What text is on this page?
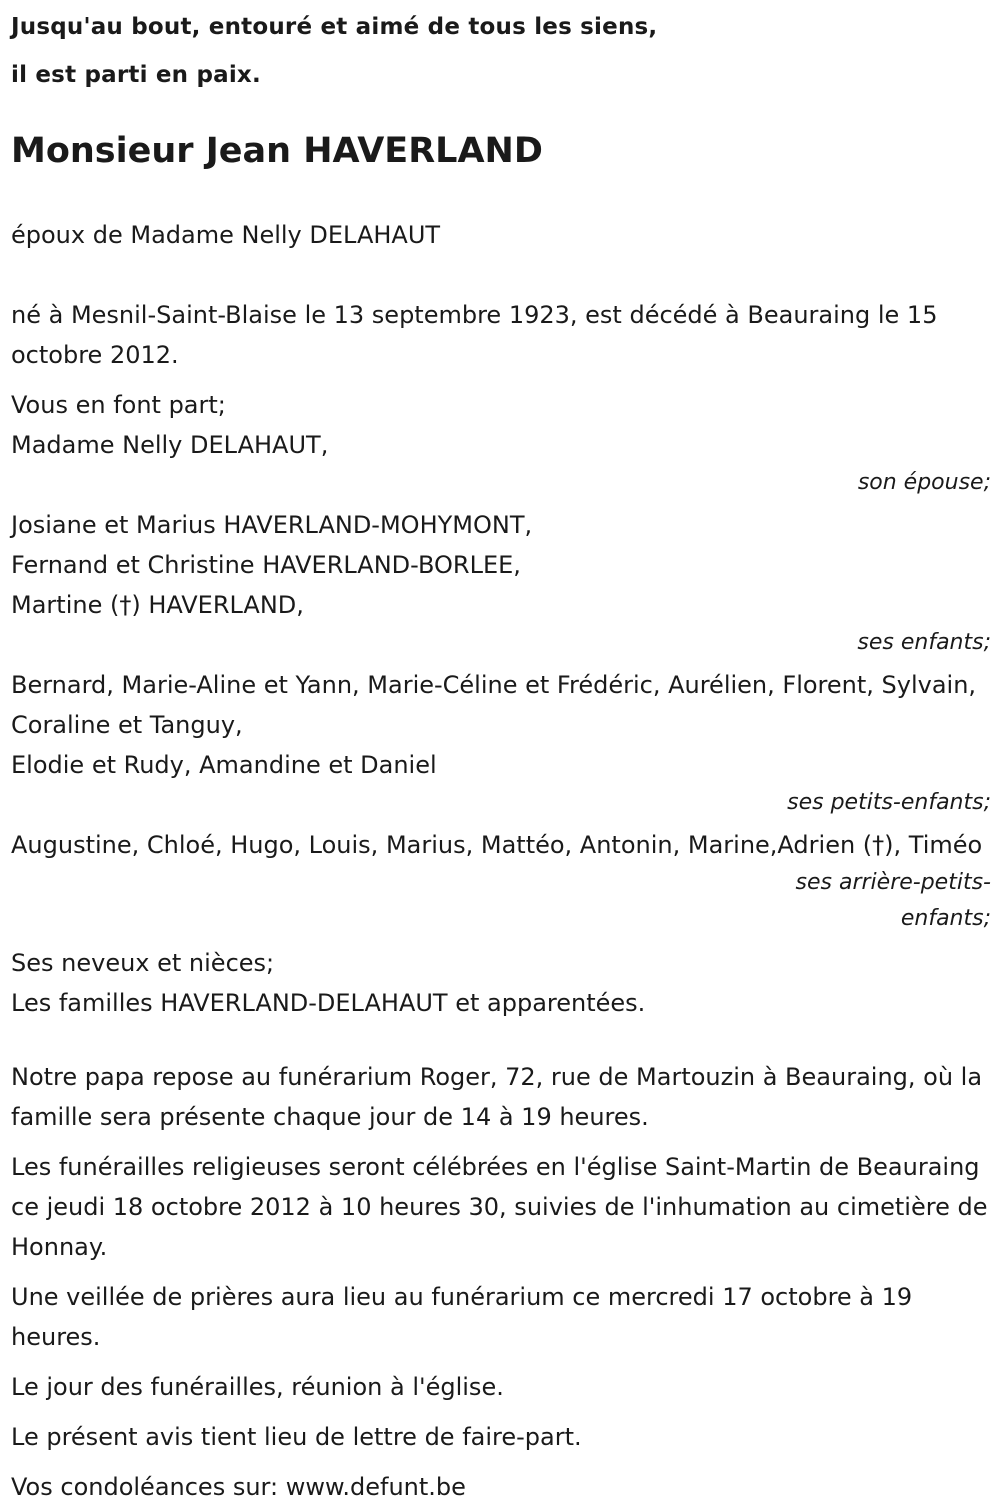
Jusqu'au bout, entouré et aimé de tous les siens,
il est parti en paix.
Monsieur Jean HAVERLAND

époux de Madame Nelly DELAHAUT

né à Mesnil-Saint-Blaise le 13 septembre 1923, est décédé à Beauraing le 15 octobre 2012.

Vous en font part;

Madame Nelly DELAHAUT,

son épouse;

Josiane et Marius HAVERLAND-MOHYMONT,

Fernand et Christine HAVERLAND-BORLEE,

Martine (†) HAVERLAND,

ses enfants;

Bernard, Marie-Aline et Yann, Marie-Céline et Frédéric, Aurélien, Florent, Sylvain, Coraline et Tanguy,

Elodie et Rudy, Amandine et Daniel

ses petits-enfants;

Augustine, Chloé, Hugo, Louis, Marius, Mattéo, Antonin, Marine,Adrien (†), Timéo

ses arrière-petits-
enfants;

Ses neveux et nièces;

Les familles HAVERLAND-DELAHAUT et apparentées.

Notre papa repose au funérarium Roger, 72, rue de Martouzin à Beauraing, où la famille sera présente chaque jour de 14 à 19 heures.

Les funérailles religieuses seront célébrées en l'église Saint-Martin de Beauraing ce jeudi 18 octobre 2012 à 10 heures 30, suivies de l'inhumation au cimetière de Honnay.

Une veillée de prières aura lieu au funérarium ce mercredi 17 octobre à 19 heures.

Le jour des funérailles, réunion à l'église.

Le présent avis tient lieu de lettre de faire-part.

Vos condoléances sur: www.defunt.be
